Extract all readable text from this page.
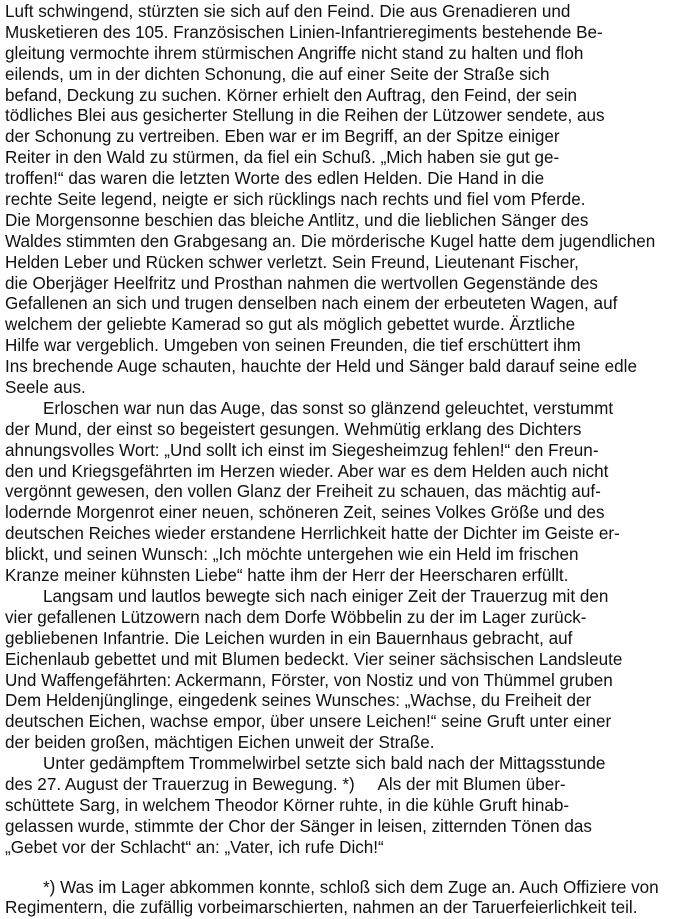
Luft schwingend, stürzten sie sich auf den Feind. Die aus Grenadieren und
Musketieren des 105. Französischen Linien-Infantrieregiments bestehende Be-
gleitung vermochte ihrem stürmischen Angriffe nicht stand zu halten und floh
eilends, um in der dichten Schonung, die auf einer Seite der Straße sich
befand, Deckung zu suchen. Körner erhielt den Auftrag, den Feind, der sein
tödliches Blei aus gesicherter Stellung in die Reihen der Lützower sendete, aus
der Schonung zu vertreiben. Eben war er im Begriff, an der Spitze einiger
Reiter in den Wald zu stürmen, da fiel ein Schuß. „Mich haben sie gut ge-
troffen!“ das waren die letzten Worte des edlen Helden. Die Hand in die
rechte Seite legend, neigte er sich rücklings nach rechts und fiel vom Pferde.
Die Morgensonne beschien das bleiche Antlitz, und die lieblichen Sänger des
Waldes stimmten den Grabgesang an. Die mörderische Kugel hatte dem jugendlichen
Helden Leber und Rücken schwer verletzt. Sein Freund, Lieutenant Fischer,
die Oberjäger Heelfritz und Prosthan nahmen die wertvollen Gegenstände des
Gefallenen an sich und trugen denselben nach einem der erbeuteten Wagen, auf
welchem der geliebte Kamerad so gut als möglich gebettet wurde. Ärztliche
Hilfe war vergeblich. Umgeben von seinen Freunden, die tief erschüttert ihm
Ins brechende Auge schauten, hauchte der Held und Sänger bald darauf seine edle
Seele aus.
Erloschen war nun das Auge, das sonst so glänzend geleuchtet, verstummt
der Mund, der einst so begeistert gesungen. Wehmütig erklang des Dichters
ahnungsvolles Wort: „Und sollt ich einst im Siegesheimzug fehlen!“ den Freun-
den und Kriegsgefährten im Herzen wieder. Aber war es dem Helden auch nicht
vergönnt gewesen, den vollen Glanz der Freiheit zu schauen, das mächtig auf-
lodernde Morgenrot einer neuen, schöneren Zeit, seines Volkes Größe und des
deutschen Reiches wieder erstandene Herrlichkeit hatte der Dichter im Geiste er-
blickt, und seinen Wunsch: „Ich möchte untergehen wie ein Held im frischen
Kranze meiner kühnsten Liebe“ hatte ihm der Herr der Heerscharen erfüllt.
Langsam und lautlos bewegte sich nach einiger Zeit der Trauerzug mit den
vier gefallenen Lützowern nach dem Dorfe Wöbbelin zu der im Lager zurück-
gebliebenen Infantrie. Die Leichen wurden in ein Bauernhaus gebracht, auf
Eichenlaub gebettet und mit Blumen bedeckt. Vier seiner sächsischen Landsleute
Und Waffengefährten: Ackermann, Förster, von Nostiz und von Thümmel gruben
Dem Heldenjünglinge, eingedenk seines Wunsches: „Wachse, du Freiheit der
deutschen Eichen, wachse empor, über unsere Leichen!“ seine Gruft unter einer
der beiden großen, mächtigen Eichen unweit der Straße.
Unter gedämpftem Trommelwirbel setzte sich bald nach der Mittagsstunde
des 27. August der Trauerzug in Bewegung. *)     Als der mit Blumen über-
schüttete Sarg, in welchem Theodor Körner ruhte, in die kühle Gruft hinab-
gelassen wurde, stimmte der Chor der Sänger in leisen, zitternden Tönen das
„Gebet vor der Schlacht“ an: „Vater, ich rufe Dich!“
*) Was im Lager abkommen konnte, schloß sich dem Zuge an. Auch Offiziere von
Regimentern, die zufällig vorbeimarschierten, nahmen an der Taruerfeierlichkeit teil.
